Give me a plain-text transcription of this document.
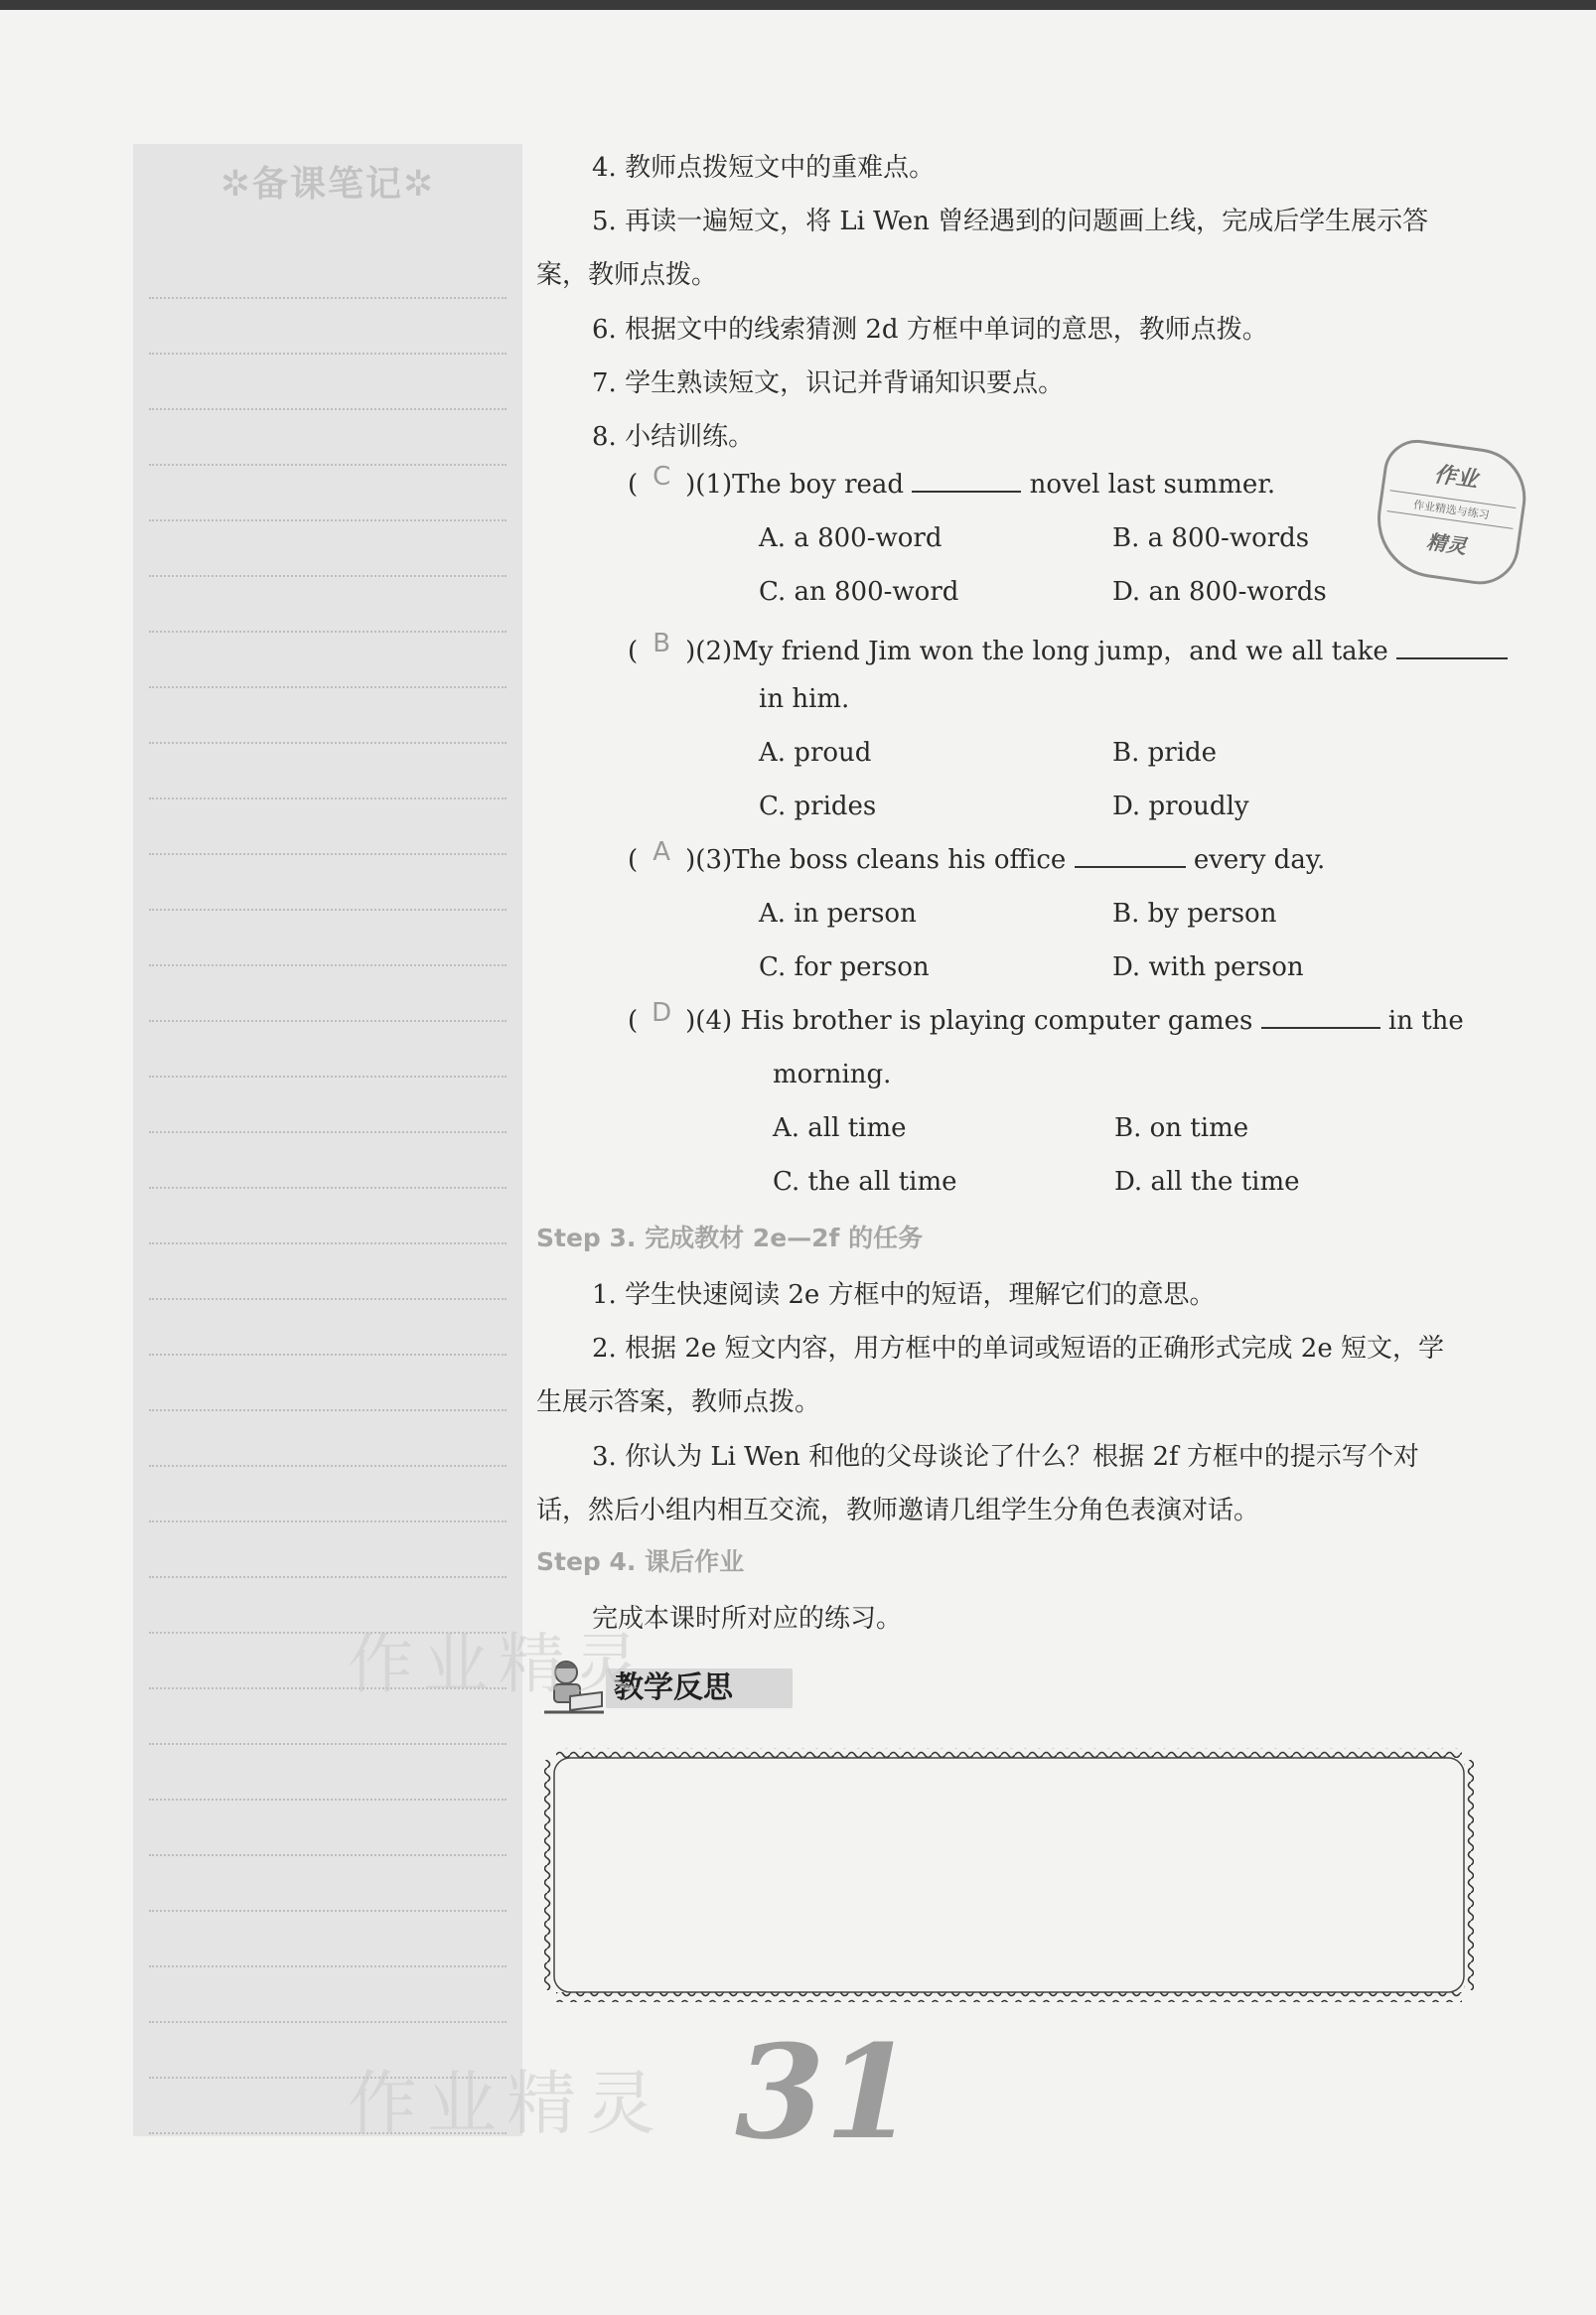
✲备课笔记✲	4. 教师点拨短文中的重难点。
5. 再读一遍短文，将 Li Wen 曾经遇到的问题画上线，完成后学生展示答
案，教师点拨。
6. 根据文中的线索猜测 2d 方框中单词的意思，教师点拨。
7. 学生熟读短文，识记并背诵知识要点。
8. 小结训练。
( C )(1)The boy read	novel last summer.
A. a 800-word	B. a 800-words
C. an 800-word	D. an 800-words
( B )(2)My friend Jim won the long jump，and we all take
in him.
A. proud	B. pride
C. prides	D. proudly
( A )(3)The boss cleans his office	every day.
A. in person	B. by person
C. for person	D. with person
( D )(4) His brother is playing computer games	in the
morning.
A. all time	B. on time
C. the all time	D. all the time
Step 3. 完成教材 2e—2f 的任务
1. 学生快速阅读 2e 方框中的短语，理解它们的意思。
2. 根据 2e 短文内容，用方框中的单词或短语的正确形式完成 2e 短文，学
生展示答案，教师点拨。
3. 你认为 Li Wen 和他的父母谈论了什么？根据 2f 方框中的提示写个对
话，然后小组内相互交流，教师邀请几组学生分角色表演对话。
Step 4. 课后作业
完成本课时所对应的练习。
作业
作业精选与练习
精灵
教学反思
作业精灵
作业精灵 31
